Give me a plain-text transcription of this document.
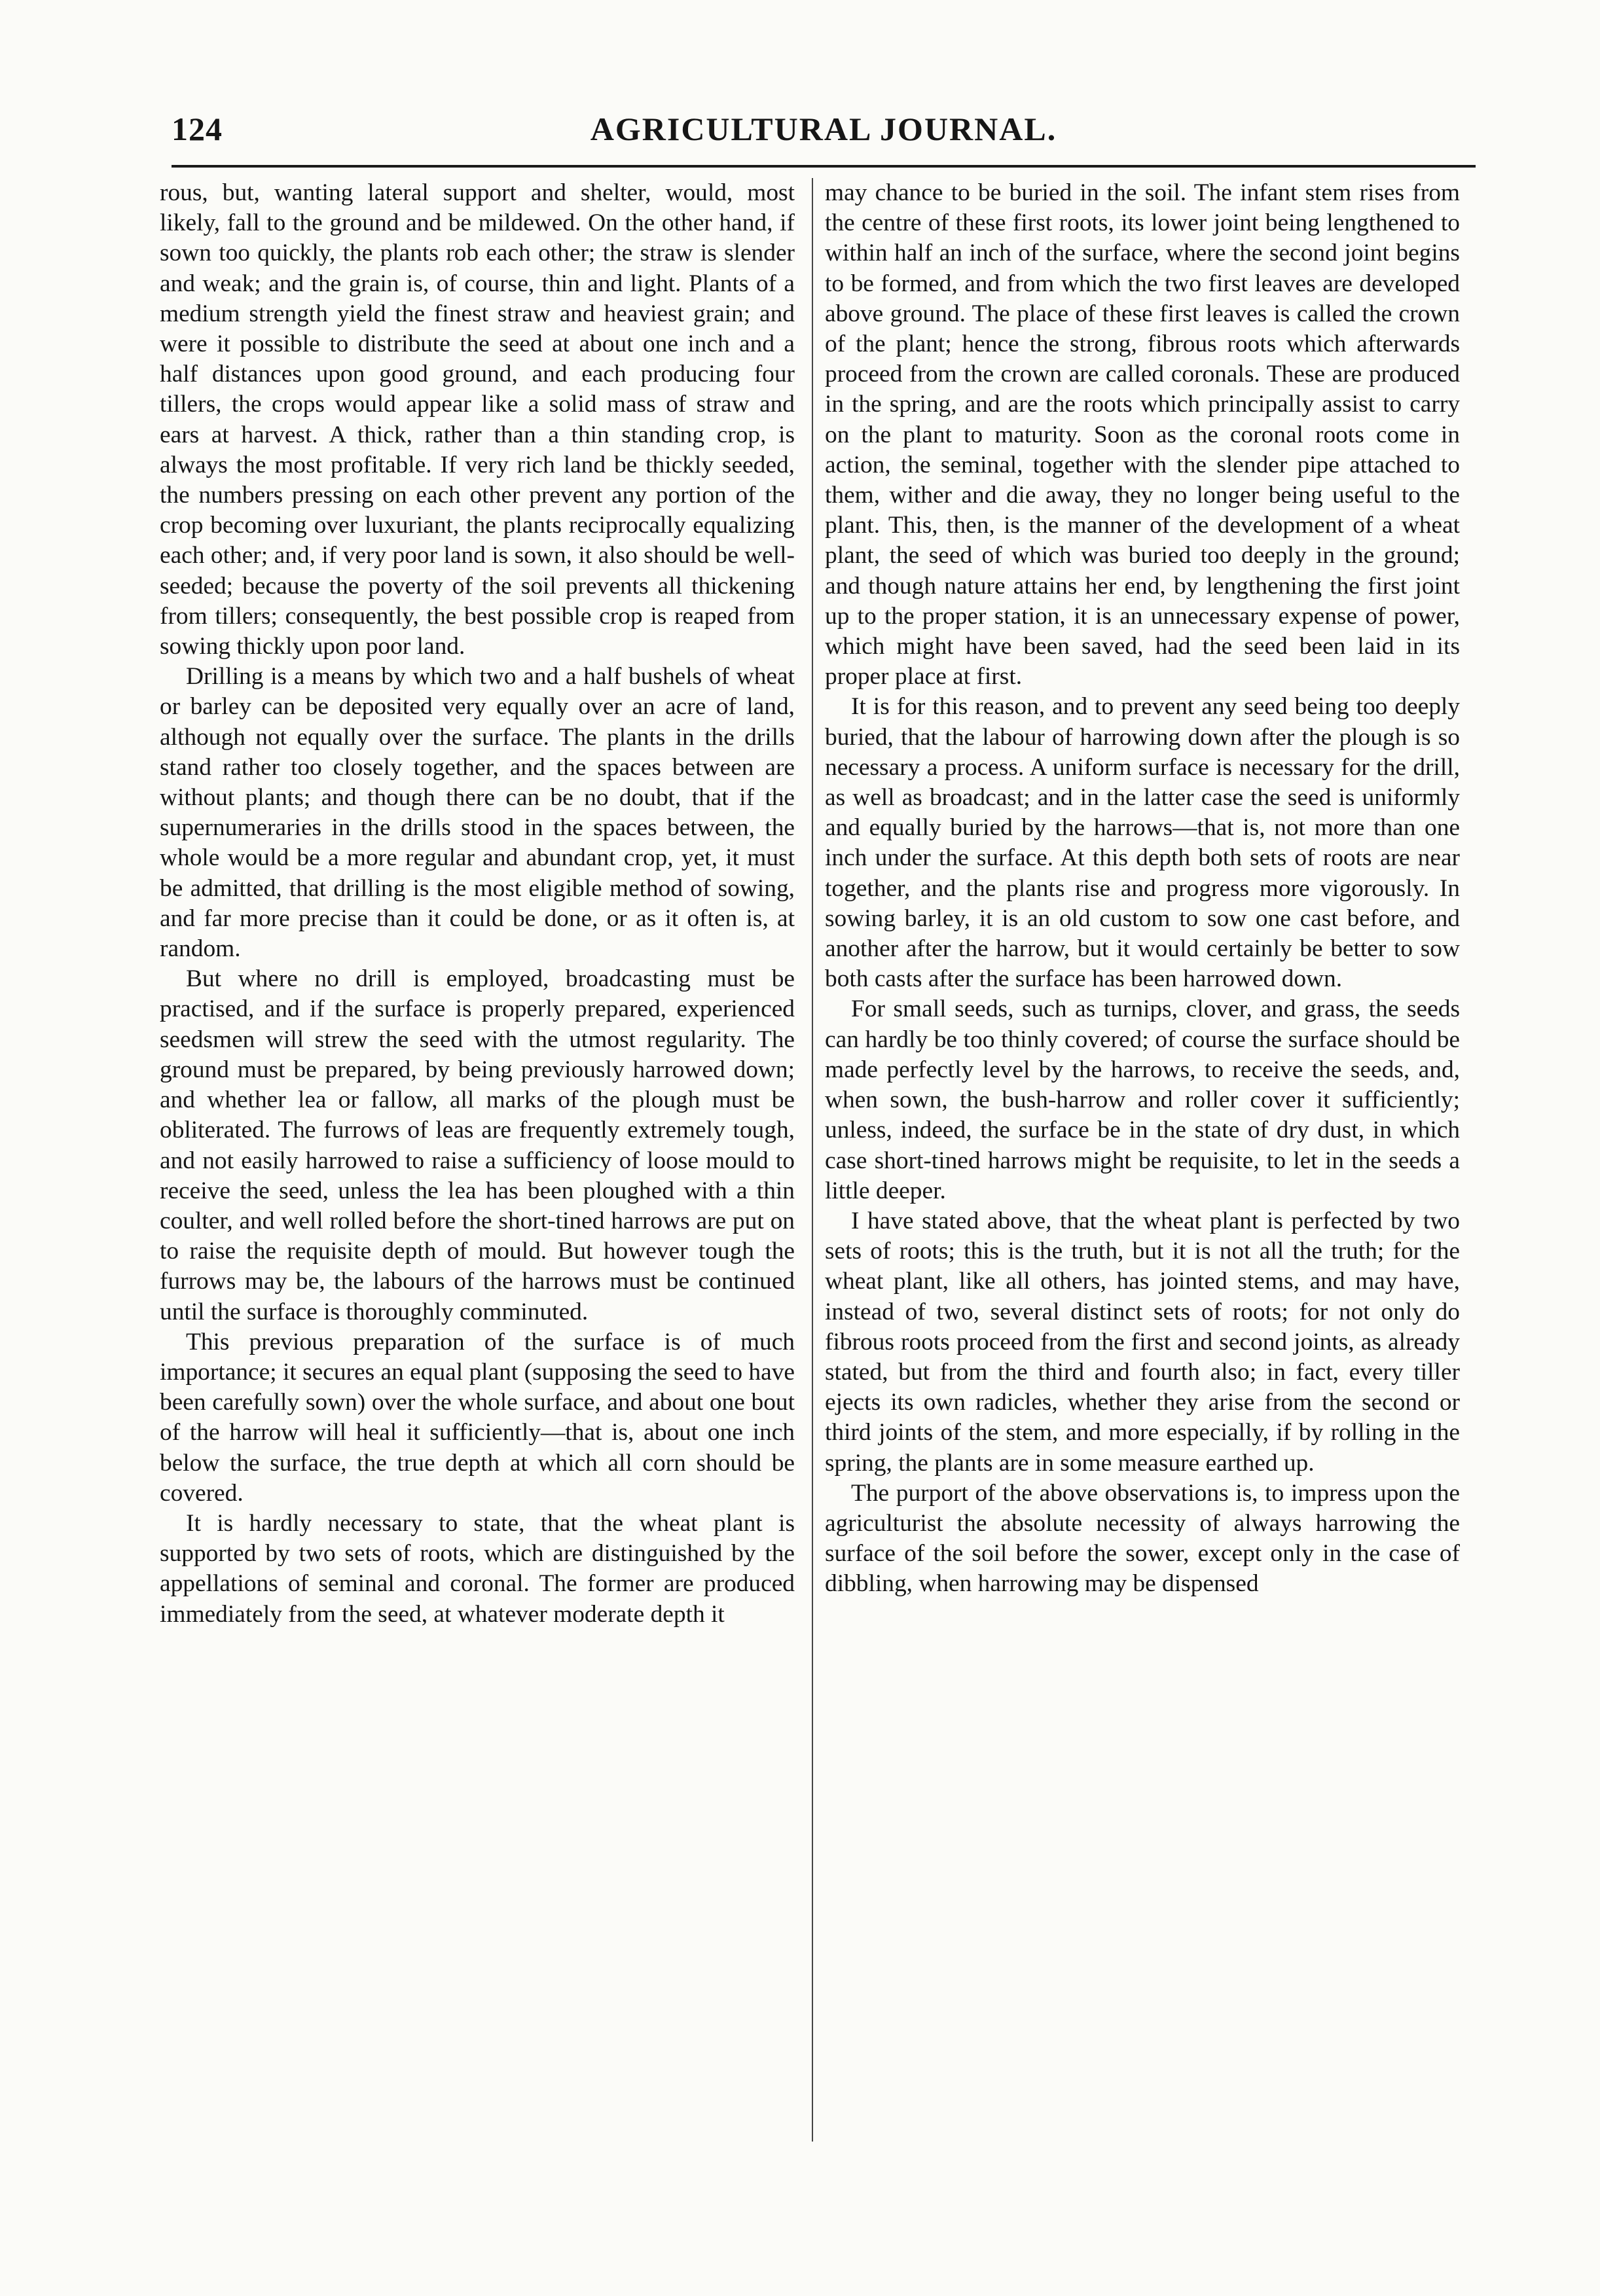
124	AGRICULTURAL JOURNAL.

rous, but, wanting lateral support and shelter, would, most likely, fall to the ground and be mildewed. On the other hand, if sown too quickly, the plants rob each other; the straw is slender and weak; and the grain is, of course, thin and light. Plants of a medium strength yield the finest straw and heaviest grain; and were it possible to distribute the seed at about one inch and a half distances upon good ground, and each producing four tillers, the crops would appear like a solid mass of straw and ears at harvest. A thick, rather than a thin standing crop, is always the most profitable. If very rich land be thickly seeded, the numbers pressing on each other prevent any portion of the crop becoming over luxuriant, the plants reciprocally equalizing each other; and, if very poor land is sown, it also should be well-seeded; because the poverty of the soil prevents all thickening from tillers; consequently, the best possible crop is reaped from sowing thickly upon poor land.

Drilling is a means by which two and a half bushels of wheat or barley can be deposited very equally over an acre of land, although not equally over the surface. The plants in the drills stand rather too closely together, and the spaces between are without plants; and though there can be no doubt, that if the supernumeraries in the drills stood in the spaces between, the whole would be a more regular and abundant crop, yet, it must be admitted, that drilling is the most eligible method of sowing, and far more precise than it could be done, or as it often is, at random.

But where no drill is employed, broadcasting must be practised, and if the surface is properly prepared, experienced seedsmen will strew the seed with the utmost regularity. The ground must be prepared, by being previously harrowed down; and whether lea or fallow, all marks of the plough must be obliterated. The furrows of leas are frequently extremely tough, and not easily harrowed to raise a sufficiency of loose mould to receive the seed, unless the lea has been ploughed with a thin coulter, and well rolled before the short-tined harrows are put on to raise the requisite depth of mould. But however tough the furrows may be, the labours of the harrows must be continued until the surface is thoroughly comminuted.

This previous preparation of the surface is of much importance; it secures an equal plant (supposing the seed to have been carefully sown) over the whole surface, and about one bout of the harrow will heal it sufficiently—that is, about one inch below the surface, the true depth at which all corn should be covered.

It is hardly necessary to state, that the wheat plant is supported by two sets of roots, which are distinguished by the appellations of seminal and coronal. The former are produced immediately from the seed, at whatever moderate depth it

may chance to be buried in the soil. The infant stem rises from the centre of these first roots, its lower joint being lengthened to within half an inch of the surface, where the second joint begins to be formed, and from which the two first leaves are developed above ground. The place of these first leaves is called the crown of the plant; hence the strong, fibrous roots which afterwards proceed from the crown are called coronals. These are produced in the spring, and are the roots which principally assist to carry on the plant to maturity. Soon as the coronal roots come in action, the seminal, together with the slender pipe attached to them, wither and die away, they no longer being useful to the plant. This, then, is the manner of the development of a wheat plant, the seed of which was buried too deeply in the ground; and though nature attains her end, by lengthening the first joint up to the proper station, it is an unnecessary expense of power, which might have been saved, had the seed been laid in its proper place at first.

It is for this reason, and to prevent any seed being too deeply buried, that the labour of harrowing down after the plough is so necessary a process. A uniform surface is necessary for the drill, as well as broadcast; and in the latter case the seed is uniformly and equally buried by the harrows—that is, not more than one inch under the surface. At this depth both sets of roots are near together, and the plants rise and progress more vigorously. In sowing barley, it is an old custom to sow one cast before, and another after the harrow, but it would certainly be better to sow both casts after the surface has been harrowed down.

For small seeds, such as turnips, clover, and grass, the seeds can hardly be too thinly covered; of course the surface should be made perfectly level by the harrows, to receive the seeds, and, when sown, the bush-harrow and roller cover it sufficiently; unless, indeed, the surface be in the state of dry dust, in which case short-tined harrows might be requisite, to let in the seeds a little deeper.

I have stated above, that the wheat plant is perfected by two sets of roots; this is the truth, but it is not all the truth; for the wheat plant, like all others, has jointed stems, and may have, instead of two, several distinct sets of roots; for not only do fibrous roots proceed from the first and second joints, as already stated, but from the third and fourth also; in fact, every tiller ejects its own radicles, whether they arise from the second or third joints of the stem, and more especially, if by rolling in the spring, the plants are in some measure earthed up.

The purport of the above observations is, to impress upon the agriculturist the absolute necessity of always harrowing the surface of the soil before the sower, except only in the case of dibbling, when harrowing may be dispensed
